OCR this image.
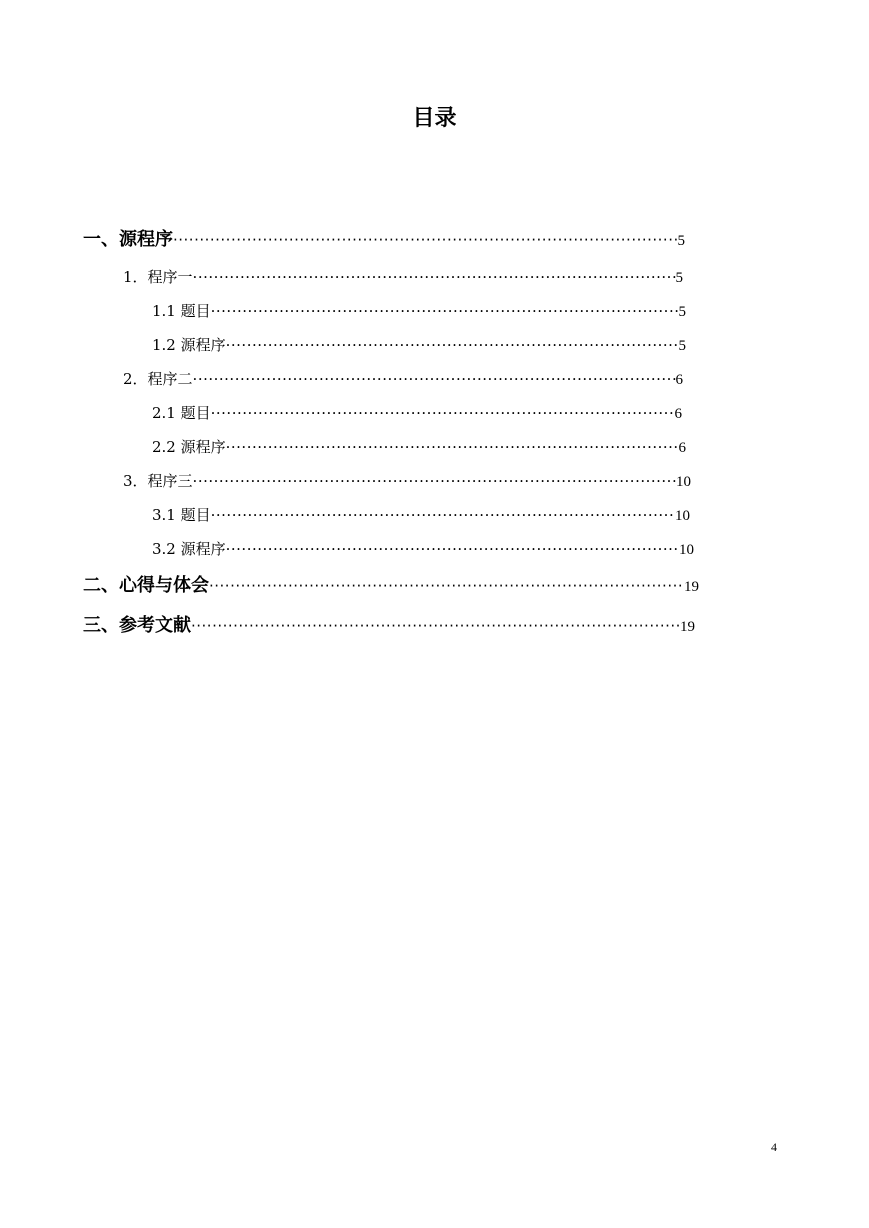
目录
一、源程序 ·····	5
1．程序一 ·····	5
1.1 题目 ·····	5
1.2 源程序 ·····	5
2．程序二 ·····	6
2.1 题目 ·····	6
2.2 源程序 ·····	6
3．程序三 ·····	10
3.1 题目 ·····	10
3.2 源程序 ·····	10
二、心得与体会 ·····	19
三、参考文献 ·····	19
4
